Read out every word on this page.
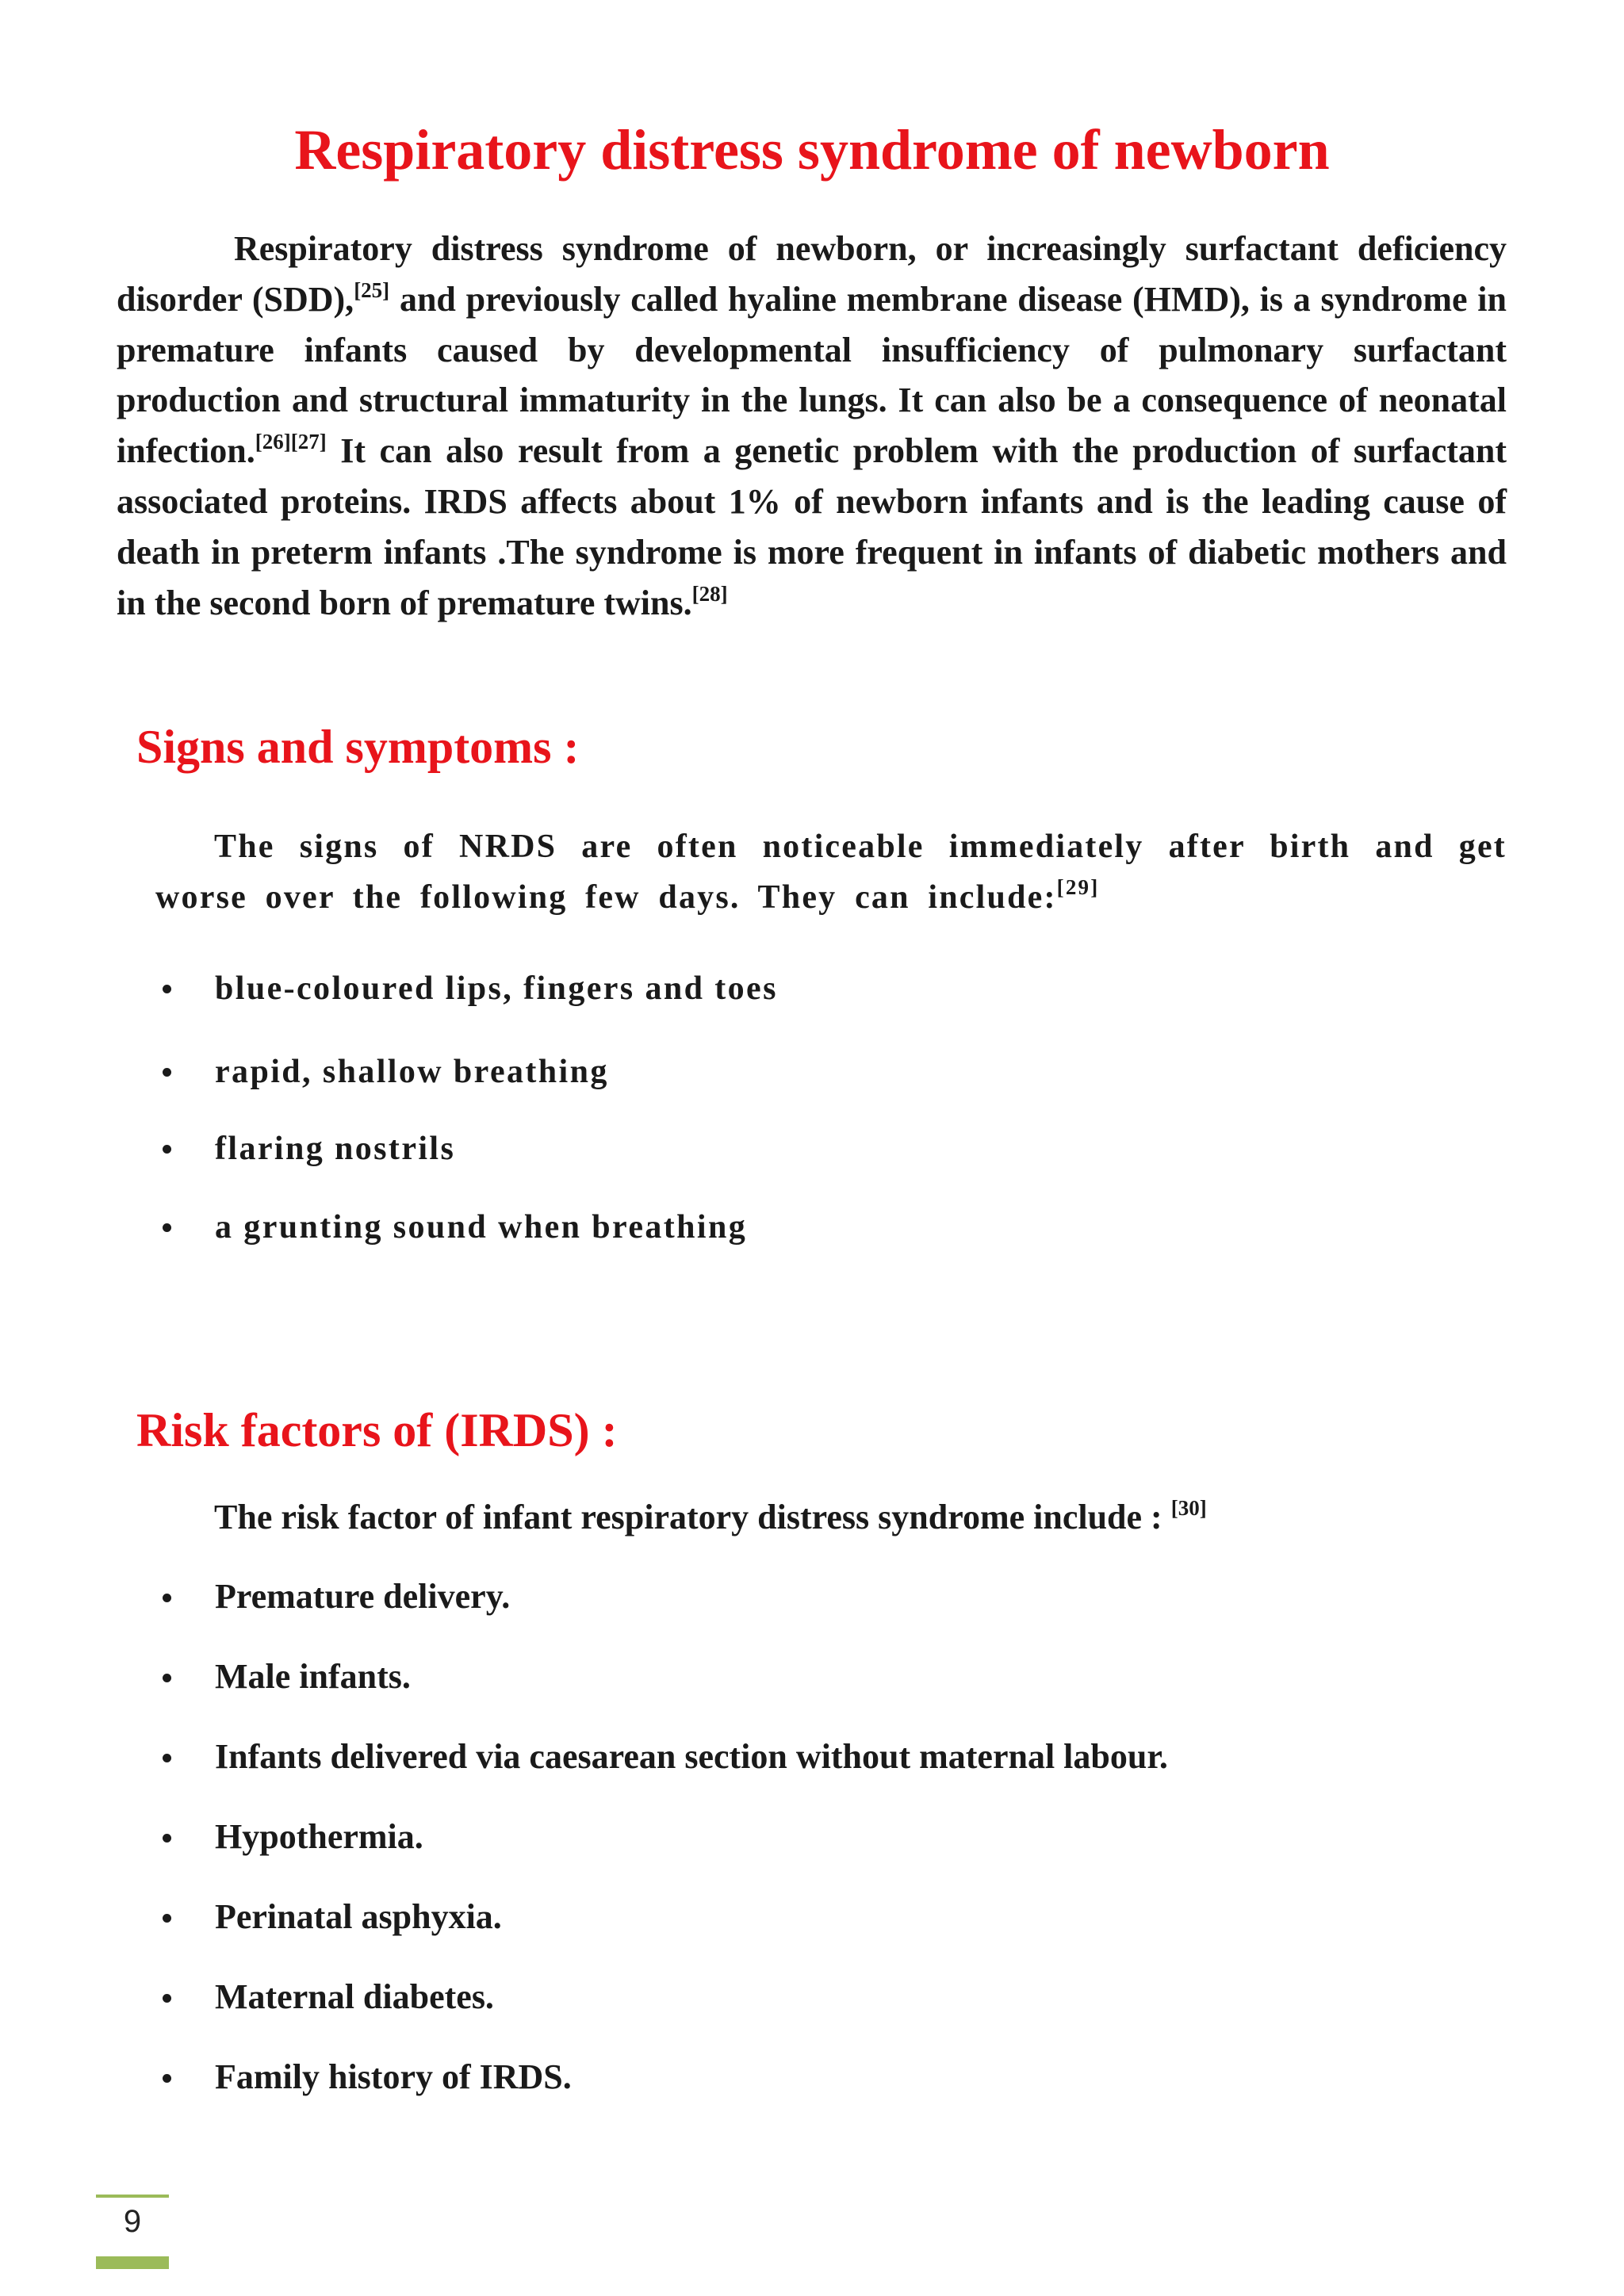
Respiratory distress syndrome of newborn

Respiratory distress syndrome of newborn, or increasingly surfactant deficiency disorder (SDD),[25] and previously called hyaline membrane disease (HMD), is a syndrome in premature infants caused by developmental insufficiency of pulmonary surfactant production and structural immaturity in the lungs. It can also be a consequence of neonatal infection.[26][27] It can also result from a genetic problem with the production of surfactant associated proteins. IRDS affects about 1% of newborn infants and is the leading cause of death in preterm infants .The syndrome is more frequent in infants of diabetic mothers and in the second born of premature twins.[28]

Signs and symptoms :

The signs of NRDS are often noticeable immediately after birth and get worse over the following few days. They can include:[29]

blue-coloured lips, fingers and toes
rapid, shallow breathing
flaring nostrils
a grunting sound when breathing
Risk factors of (IRDS) :

The risk factor of infant respiratory distress syndrome include : [30]

Premature delivery.
Male infants.
Infants delivered via caesarean section without maternal labour.
Hypothermia.
Perinatal asphyxia.
Maternal diabetes.
Family history of IRDS.
9
